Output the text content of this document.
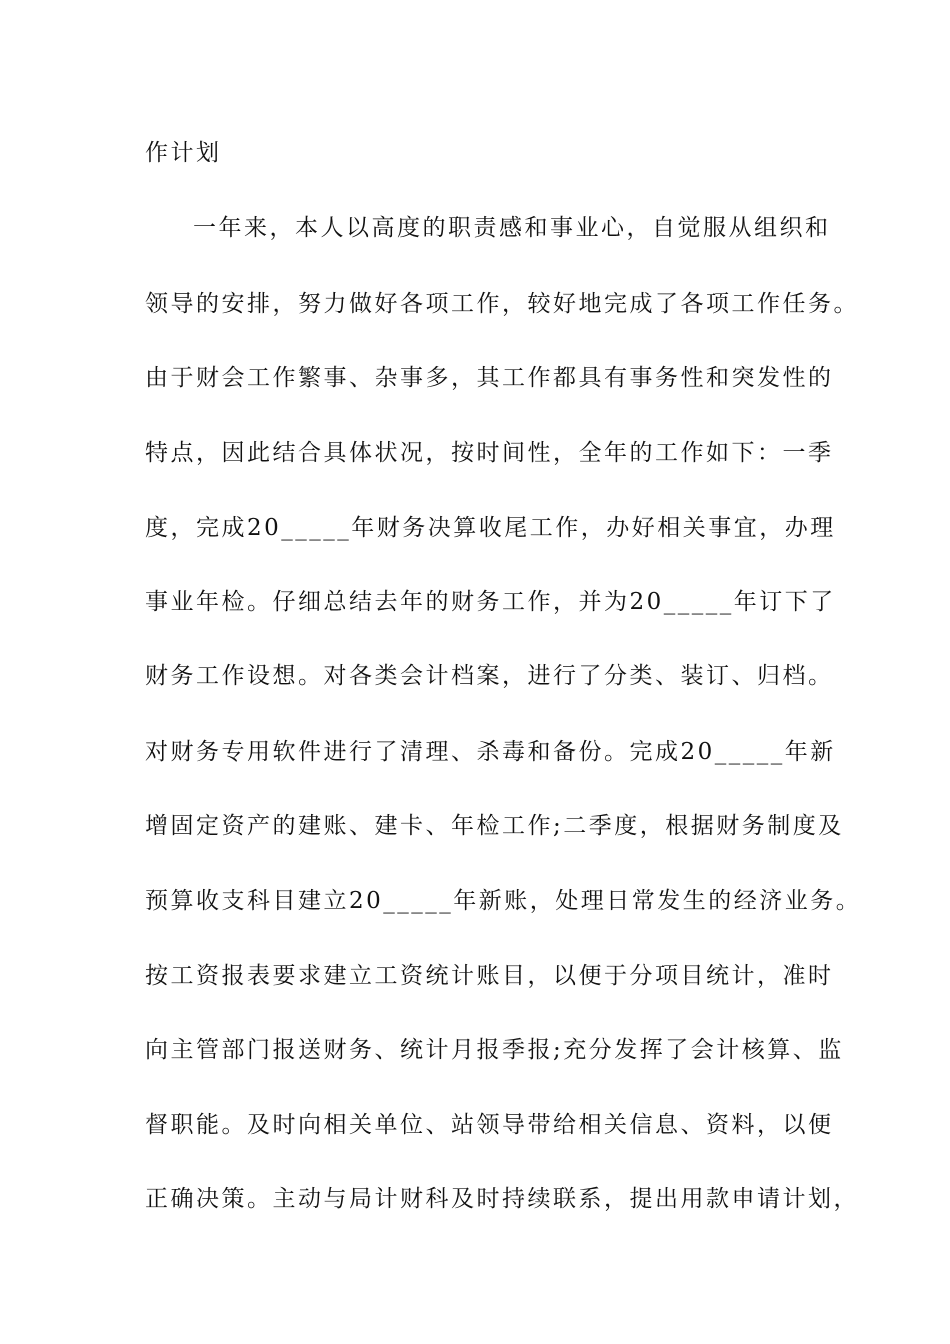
作计划
一年来，本人以高度的职责感和事业心，自觉服从组织和
领导的安排，努力做好各项工作，较好地完成了各项工作任务。
由于财会工作繁事、杂事多，其工作都具有事务性和突发性的
特点，因此结合具体状况，按时间性，全年的工作如下：一季
度，完成20_____年财务决算收尾工作，办好相关事宜，办理
事业年检。仔细总结去年的财务工作，并为20_____年订下了
财务工作设想。对各类会计档案，进行了分类、装订、归档。
对财务专用软件进行了清理、杀毒和备份。完成20_____年新
增固定资产的建账、建卡、年检工作;二季度，根据财务制度及
预算收支科目建立20_____年新账，处理日常发生的经济业务。
按工资报表要求建立工资统计账目，以便于分项目统计，准时
向主管部门报送财务、统计月报季报;充分发挥了会计核算、监
督职能。及时向相关单位、站领导带给相关信息、资料，以便
正确决策。主动与局计财科及时持续联系，提出用款申请计划，
